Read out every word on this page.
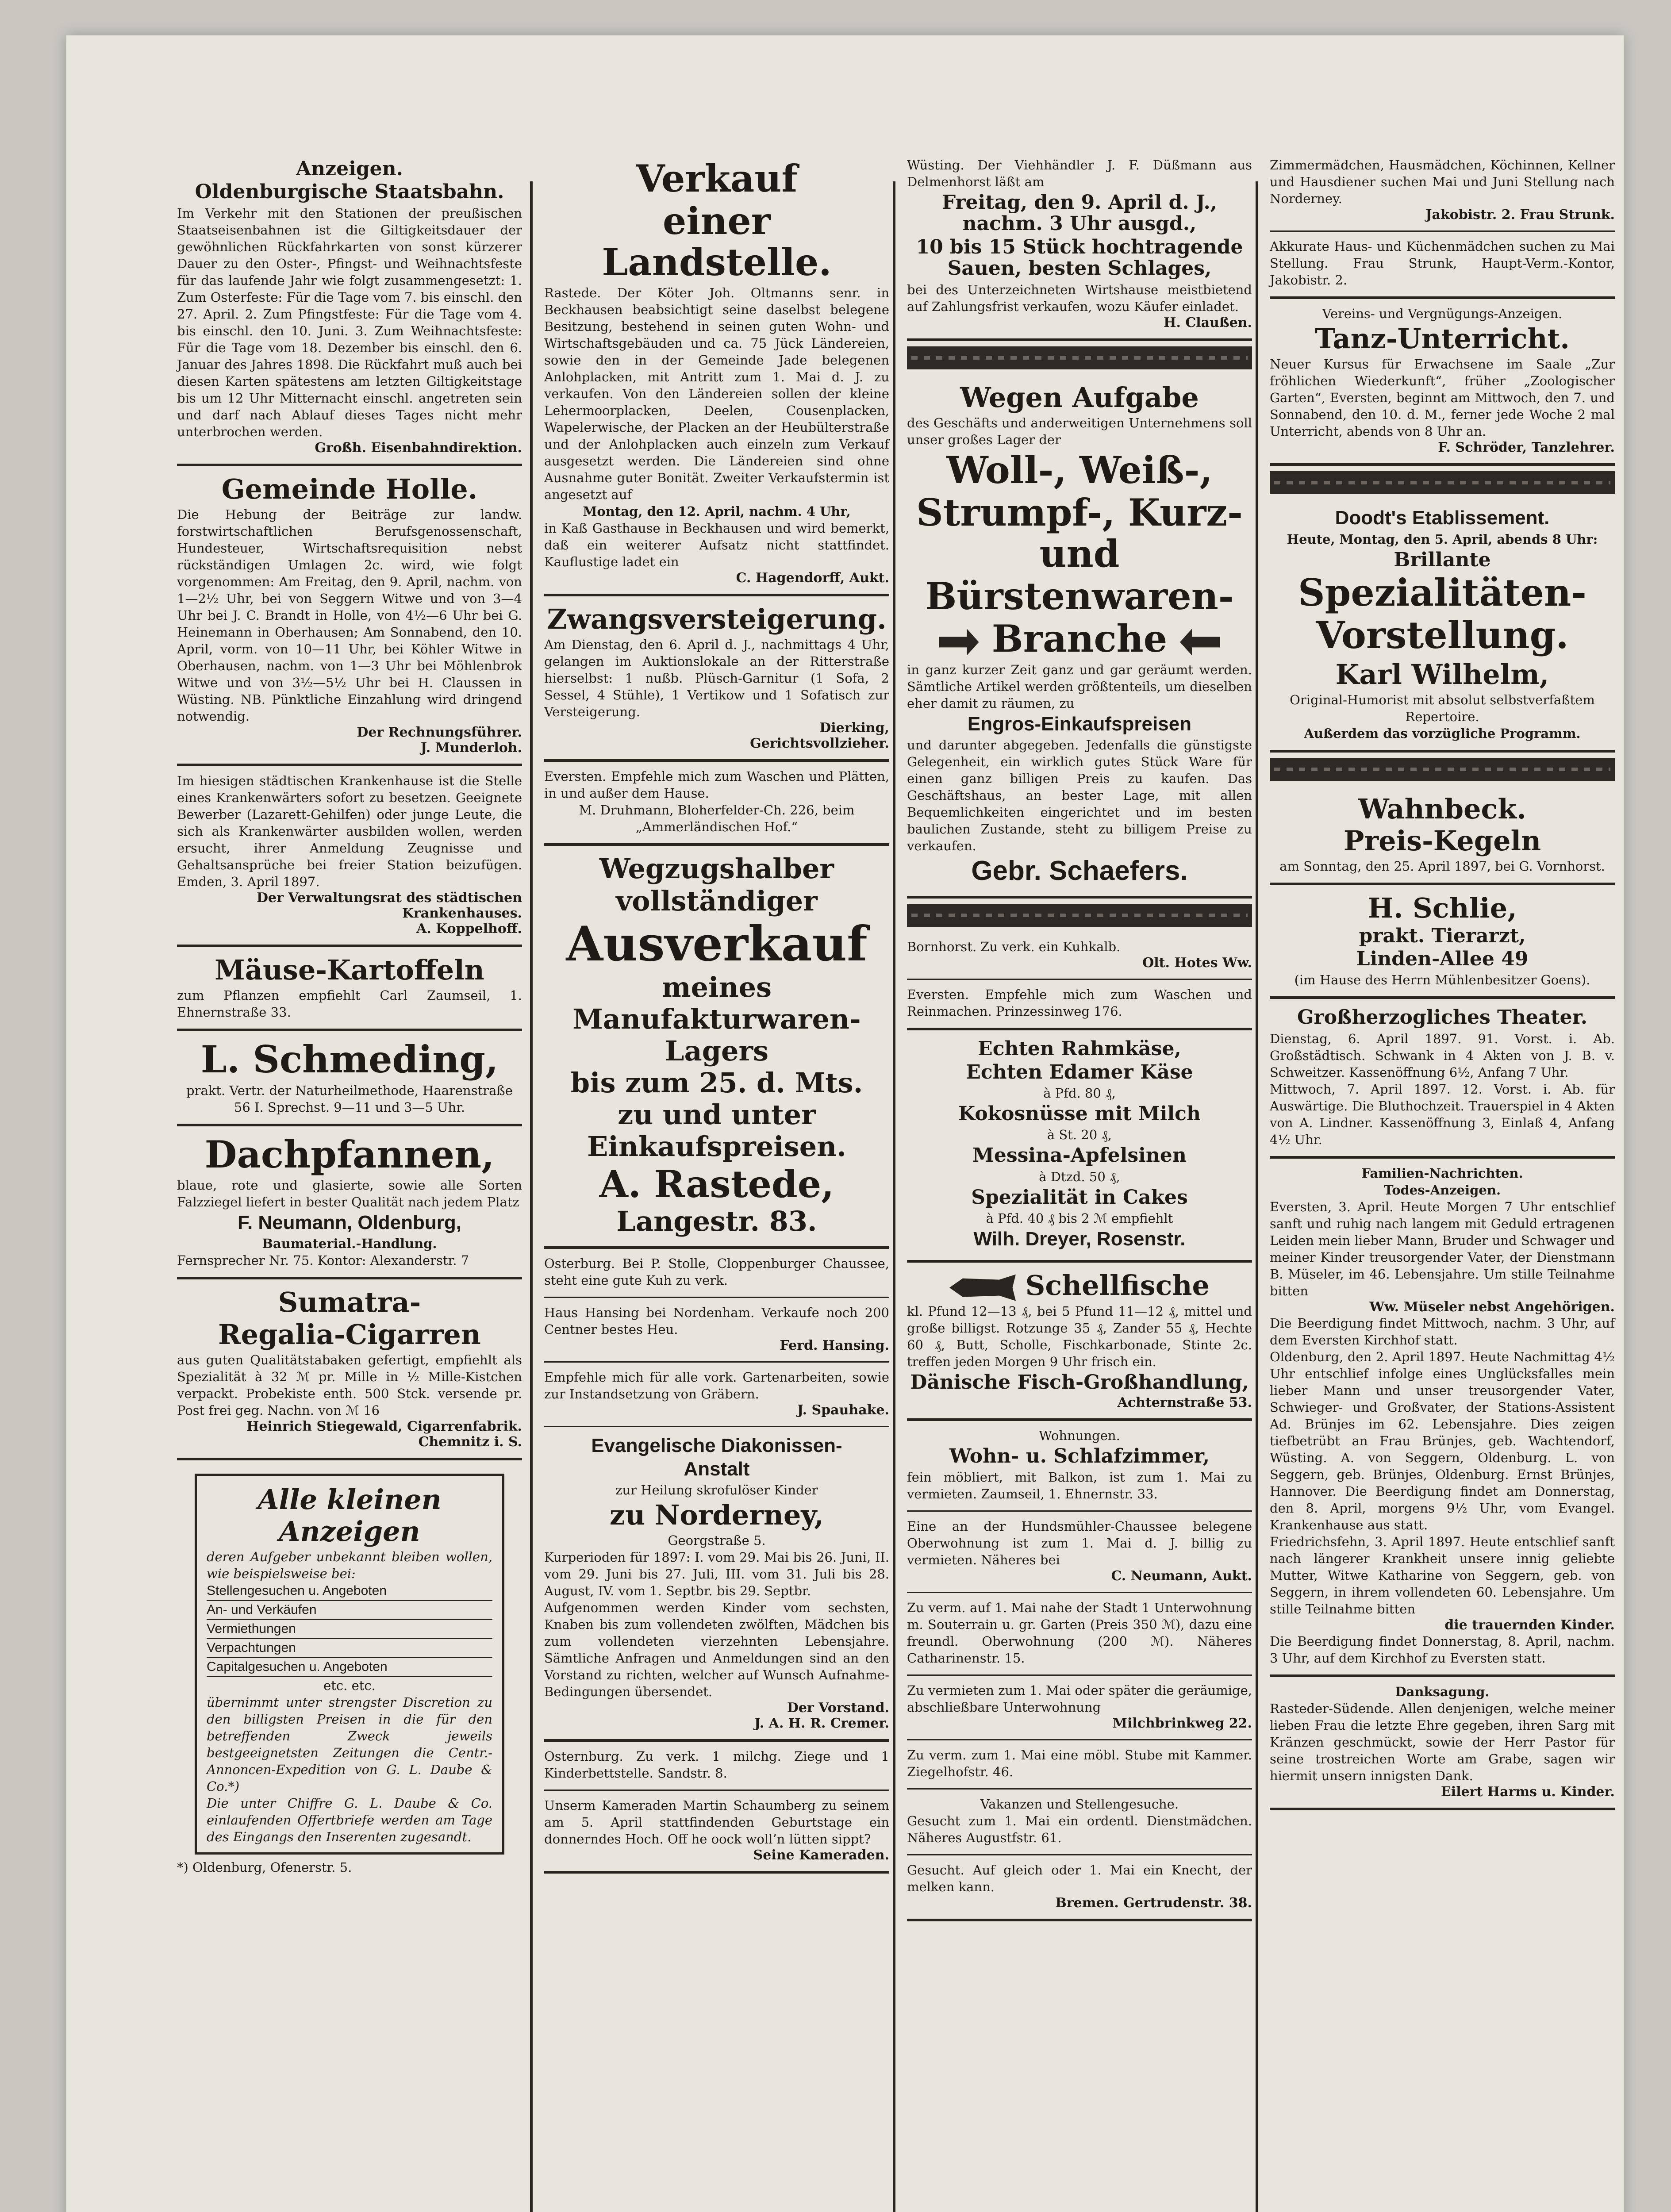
Anzeigen.
Oldenburgische Staatsbahn.

Im Verkehr mit den Stationen der preußischen Staatseisenbahnen ist die Giltigkeitsdauer der gewöhnlichen Rückfahrkarten von sonst kürzerer Dauer zu den Oster-, Pfingst- und Weihnachtsfeste für das laufende Jahr wie folgt zusammengesetzt: 1. Zum Osterfeste: Für die Tage vom 7. bis einschl. den 27. April. 2. Zum Pfingstfeste: Für die Tage vom 4. bis einschl. den 10. Juni. 3. Zum Weihnachtsfeste: Für die Tage vom 18. Dezember bis einschl. den 6. Januar des Jahres 1898. Die Rückfahrt muß auch bei diesen Karten spätestens am letzten Giltigkeitstage bis um 12 Uhr Mitternacht einschl. angetreten sein und darf nach Ablauf dieses Tages nicht mehr unterbrochen werden.

Großh. Eisenbahndirektion.
Gemeinde Holle.

Die Hebung der Beiträge zur landw. forstwirtschaftlichen Berufsgenossenschaft, Hundesteuer, Wirtschaftsrequisition nebst rückständigen Umlagen 2c. wird, wie folgt vorgenommen: Am Freitag, den 9. April, nachm. von 1—2½ Uhr, bei von Seggern Witwe und von 3—4 Uhr bei J. C. Brandt in Holle, von 4½—6 Uhr bei G. Heinemann in Oberhausen; Am Sonnabend, den 10. April, vorm. von 10—11 Uhr, bei Köhler Witwe in Oberhausen, nachm. von 1—3 Uhr bei Möhlenbrok Witwe und von 3½—5½ Uhr bei H. Claussen in Wüsting. NB. Pünktliche Einzahlung wird dringend notwendig.

Der Rechnungsführer.
J. Munderloh.

Im hiesigen städtischen Krankenhause ist die Stelle eines Krankenwärters sofort zu besetzen. Geeignete Bewerber (Lazarett-Gehilfen) oder junge Leute, die sich als Krankenwärter ausbilden wollen, werden ersucht, ihrer Anmeldung Zeugnisse und Gehaltsansprüche bei freier Station beizufügen. Emden, 3. April 1897.

Der Verwaltungsrat des städtischen Krankenhauses.
A. Koppelhoff.
Mäuse-Kartoffeln

zum Pflanzen empfiehlt Carl Zaumseil, 1. Ehnernstraße 33.

L. Schmeding,

prakt. Vertr. der Naturheilmethode, Haarenstraße 56 I. Sprechst. 9—11 und 3—5 Uhr.

Dachpfannen,

blaue, rote und glasierte, sowie alle Sorten Falzziegel liefert in bester Qualität nach jedem Platz

F. Neumann, Oldenburg,

Baumaterial.-Handlung.

Fernsprecher Nr. 75. Kontor: Alexanderstr. 7

Sumatra-
Regalia-Cigarren

aus guten Qualitätstabaken gefertigt, empfiehlt als Spezialität à 32 ℳ pr. Mille in ½ Mille-Kistchen verpackt. Probekiste enth. 500 Stck. versende pr. Post frei geg. Nachn. von ℳ 16

Heinrich Stiegewald, Cigarrenfabrik. Chemnitz i. S.
Alle kleinen
Anzeigen

deren Aufgeber unbekannt bleiben wollen, wie beispielsweise bei:

Stellengesuchen u. Angeboten
An- und Verkäufen
Vermiethungen
Verpachtungen
Capitalgesuchen u. Angeboten

etc. etc.

übernimmt unter strengster Discretion zu den billigsten Preisen in die für den betreffenden Zweck jeweils bestgeeignetsten Zeitungen die Centr.-Annoncen-Expedition von G. L. Daube & Co.*)

Die unter Chiffre G. L. Daube & Co. einlaufenden Offertbriefe werden am Tage des Eingangs den Inserenten zugesandt.

*) Oldenburg, Ofenerstr. 5.

Verkauf
einer Landstelle.

Rastede. Der Köter Joh. Oltmanns senr. in Beckhausen beabsichtigt seine daselbst belegene Besitzung, bestehend in seinen guten Wohn- und Wirtschaftsgebäuden und ca. 75 Jück Ländereien, sowie den in der Gemeinde Jade belegenen Anlohplacken, mit Antritt zum 1. Mai d. J. zu verkaufen. Von den Ländereien sollen der kleine Lehermoorplacken, Deelen, Cousenplacken, Wapelerwische, der Placken an der Heubülterstraße und der Anlohplacken auch einzeln zum Verkauf ausgesetzt werden. Die Ländereien sind ohne Ausnahme guter Bonität. Zweiter Verkaufstermin ist angesetzt auf

Montag, den 12. April, nachm. 4 Uhr,

in Kaß Gasthause in Beckhausen und wird bemerkt, daß ein weiterer Aufsatz nicht stattfindet. Kauflustige ladet ein

C. Hagendorff, Aukt.
Zwangsversteigerung.

Am Dienstag, den 6. April d. J., nachmittags 4 Uhr, gelangen im Auktionslokale an der Ritterstraße hierselbst: 1 nußb. Plüsch-Garnitur (1 Sofa, 2 Sessel, 4 Stühle), 1 Vertikow und 1 Sofatisch zur Versteigerung.

Dierking,
Gerichtsvollzieher.

Eversten. Empfehle mich zum Waschen und Plätten, in und außer dem Hause.

M. Druhmann, Bloherfelder-Ch. 226, beim „Ammerländischen Hof.“

Wegzugshalber
vollständiger
Ausverkauf
meines
Manufakturwaren-
Lagers
bis zum 25. d. Mts.
zu und unter
Einkaufspreisen.
A. Rastede,
Langestr. 83.

Osterburg. Bei P. Stolle, Cloppenburger Chaussee, steht eine gute Kuh zu verk.

Haus Hansing bei Nordenham. Verkaufe noch 200 Centner bestes Heu.

Ferd. Hansing.

Empfehle mich für alle vork. Gartenarbeiten, sowie zur Instandsetzung von Gräbern.

J. Spauhake.
Evangelische Diakonissen-
Anstalt

zur Heilung skrofulöser Kinder

zu Norderney,

Georgstraße 5.

Kurperioden für 1897: I. vom 29. Mai bis 26. Juni, II. vom 29. Juni bis 27. Juli, III. vom 31. Juli bis 28. August, IV. vom 1. Septbr. bis 29. Septbr.

Aufgenommen werden Kinder vom sechsten, Knaben bis zum vollendeten zwölften, Mädchen bis zum vollendeten vierzehnten Lebensjahre. Sämtliche Anfragen und Anmeldungen sind an den Vorstand zu richten, welcher auf Wunsch Aufnahme-Bedingungen übersendet.

Der Vorstand.
J. A. H. R. Cremer.

Osternburg. Zu verk. 1 milchg. Ziege und 1 Kinderbettstelle. Sandstr. 8.

Unserm Kameraden Martin Schaumberg zu seinem am 5. April stattfindenden Geburtstage ein donnerndes Hoch. Off he oock woll’n lütten sippt?

Seine Kameraden.

Wüsting. Der Viehhändler J. F. Düßmann aus Delmenhorst läßt am

Freitag, den 9. April d. J., nachm. 3 Uhr ausgd.,
10 bis 15 Stück hochtragende Sauen, besten Schlages,

bei des Unterzeichneten Wirtshause meistbietend auf Zahlungsfrist verkaufen, wozu Käufer einladet.

H. Claußen.
Wegen Aufgabe

des Geschäfts und anderweitigen Unternehmens soll unser großes Lager der

Woll-, Weiß-,
Strumpf-, Kurz- und
Bürstenwaren-
Branche

in ganz kurzer Zeit ganz und gar geräumt werden. Sämtliche Artikel werden größtenteils, um dieselben eher damit zu räumen, zu

Engros-Einkaufspreisen

und darunter abgegeben. Jedenfalls die günstigste Gelegenheit, ein wirklich gutes Stück Ware für einen ganz billigen Preis zu kaufen. Das Geschäftshaus, an bester Lage, mit allen Bequemlichkeiten eingerichtet und im besten baulichen Zustande, steht zu billigem Preise zu verkaufen.

Gebr. Schaefers.

Bornhorst. Zu verk. ein Kuhkalb.

Olt. Hotes Ww.

Eversten. Empfehle mich zum Waschen und Reinmachen. Prinzessinweg 176.

Echten Rahmkäse,
Echten Edamer Käse

à Pfd. 80 ₰,

Kokosnüsse mit Milch

à St. 20 ₰,

Messina-Apfelsinen

à Dtzd. 50 ₰,

Spezialität in Cakes

à Pfd. 40 ₰ bis 2 ℳ empfiehlt

Wilh. Dreyer, Rosenstr.
Schellfische

kl. Pfund 12—13 ₰, bei 5 Pfund 11—12 ₰, mittel und große billigst. Rotzunge 35 ₰, Zander 55 ₰, Hechte 60 ₰, Butt, Scholle, Fischkarbonade, Stinte 2c. treffen jeden Morgen 9 Uhr frisch ein.

Dänische Fisch-Großhandlung,
Achternstraße 53.

Wohnungen.

Wohn- u. Schlafzimmer,

fein möbliert, mit Balkon, ist zum 1. Mai zu vermieten. Zaumseil, 1. Ehnernstr. 33.

Eine an der Hundsmühler-Chaussee belegene Oberwohnung ist zum 1. Mai d. J. billig zu vermieten. Näheres bei

C. Neumann, Aukt.

Zu verm. auf 1. Mai nahe der Stadt 1 Unterwohnung m. Souterrain u. gr. Garten (Preis 350 ℳ), dazu eine freundl. Oberwohnung (200 ℳ). Näheres Catharinenstr. 15.

Zu vermieten zum 1. Mai oder später die geräumige, abschließbare Unterwohnung

Milchbrinkweg 22.

Zu verm. zum 1. Mai eine möbl. Stube mit Kammer. Ziegelhofstr. 46.

Vakanzen und Stellengesuche.

Gesucht zum 1. Mai ein ordentl. Dienstmädchen. Näheres Augustfstr. 61.

Gesucht. Auf gleich oder 1. Mai ein Knecht, der melken kann.

Bremen. Gertrudenstr. 38.

Zimmermädchen, Hausmädchen, Köchinnen, Kellner und Hausdiener suchen Mai und Juni Stellung nach Norderney.

Jakobistr. 2. Frau Strunk.

Akkurate Haus- und Küchenmädchen suchen zu Mai Stellung. Frau Strunk, Haupt-Verm.-Kontor, Jakobistr. 2.

Vereins- und Vergnügungs-Anzeigen.

Tanz-Unterricht.

Neuer Kursus für Erwachsene im Saale „Zur fröhlichen Wiederkunft“, früher „Zoologischer Garten“, Eversten, beginnt am Mittwoch, den 7. und Sonnabend, den 10. d. M., ferner jede Woche 2 mal Unterricht, abends von 8 Uhr an.

F. Schröder, Tanzlehrer.
Doodt's Etablissement.

Heute, Montag, den 5. April, abends 8 Uhr:

Brillante
Spezialitäten-
Vorstellung.
Karl Wilhelm,

Original-Humorist mit absolut selbstverfaßtem Repertoire.

Außerdem das vorzügliche Programm.

Wahnbeck.
Preis-Kegeln

am Sonntag, den 25. April 1897, bei G. Vornhorst.

H. Schlie,
prakt. Tierarzt,
Linden-Allee 49

(im Hause des Herrn Mühlenbesitzer Goens).

Großherzogliches Theater.

Dienstag, 6. April 1897. 91. Vorst. i. Ab. Großstädtisch. Schwank in 4 Akten von J. B. v. Schweitzer. Kassenöffnung 6½, Anfang 7 Uhr.

Mittwoch, 7. April 1897. 12. Vorst. i. Ab. für Auswärtige. Die Bluthochzeit. Trauerspiel in 4 Akten von A. Lindner. Kassenöffnung 3, Einlaß 4, Anfang 4½ Uhr.

Familien-Nachrichten.

Todes-Anzeigen.

Eversten, 3. April. Heute Morgen 7 Uhr entschlief sanft und ruhig nach langem mit Geduld ertragenen Leiden mein lieber Mann, Bruder und Schwager und meiner Kinder treusorgender Vater, der Dienstmann B. Müseler, im 46. Lebensjahre. Um stille Teilnahme bitten

Ww. Müseler nebst Angehörigen.

Die Beerdigung findet Mittwoch, nachm. 3 Uhr, auf dem Eversten Kirchhof statt.

Oldenburg, den 2. April 1897. Heute Nachmittag 4½ Uhr entschlief infolge eines Unglücksfalles mein lieber Mann und unser treusorgender Vater, Schwieger- und Großvater, der Stations-Assistent Ad. Brünjes im 62. Lebensjahre. Dies zeigen tiefbetrübt an Frau Brünjes, geb. Wachtendorf, Wüsting. A. von Seggern, Oldenburg. L. von Seggern, geb. Brünjes, Oldenburg. Ernst Brünjes, Hannover. Die Beerdigung findet am Donnerstag, den 8. April, morgens 9½ Uhr, vom Evangel. Krankenhause aus statt.

Friedrichsfehn, 3. April 1897. Heute entschlief sanft nach längerer Krankheit unsere innig geliebte Mutter, Witwe Katharine von Seggern, geb. von Seggern, in ihrem vollendeten 60. Lebensjahre. Um stille Teilnahme bitten

die trauernden Kinder.

Die Beerdigung findet Donnerstag, 8. April, nachm. 3 Uhr, auf dem Kirchhof zu Eversten statt.

Danksagung.

Rasteder-Südende. Allen denjenigen, welche meiner lieben Frau die letzte Ehre gegeben, ihren Sarg mit Kränzen geschmückt, sowie der Herr Pastor für seine trostreichen Worte am Grabe, sagen wir hiermit unsern innigsten Dank.

Eilert Harms u. Kinder.
